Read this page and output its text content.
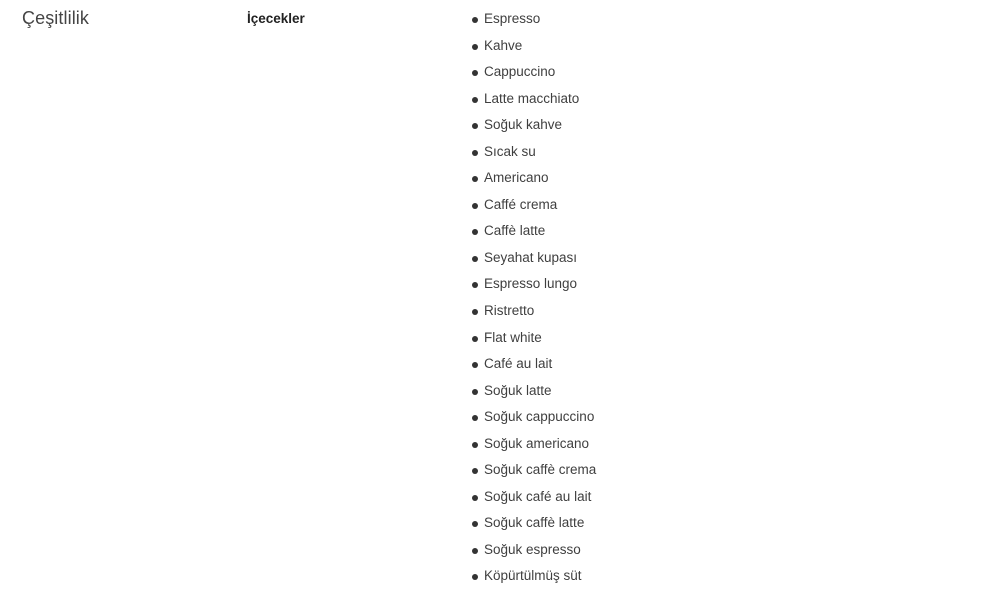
Çeşitlilik	İçecekler	Espresso
Kahve
Cappuccino
Latte macchiato
Soğuk kahve
Sıcak su
Americano
Caffé crema
Caffè latte
Seyahat kupası
Espresso lungo
Ristretto
Flat white
Café au lait
Soğuk latte
Soğuk cappuccino
Soğuk americano
Soğuk caffè crema
Soğuk café au lait
Soğuk caffè latte
Soğuk espresso
Köpürtülmüş süt
